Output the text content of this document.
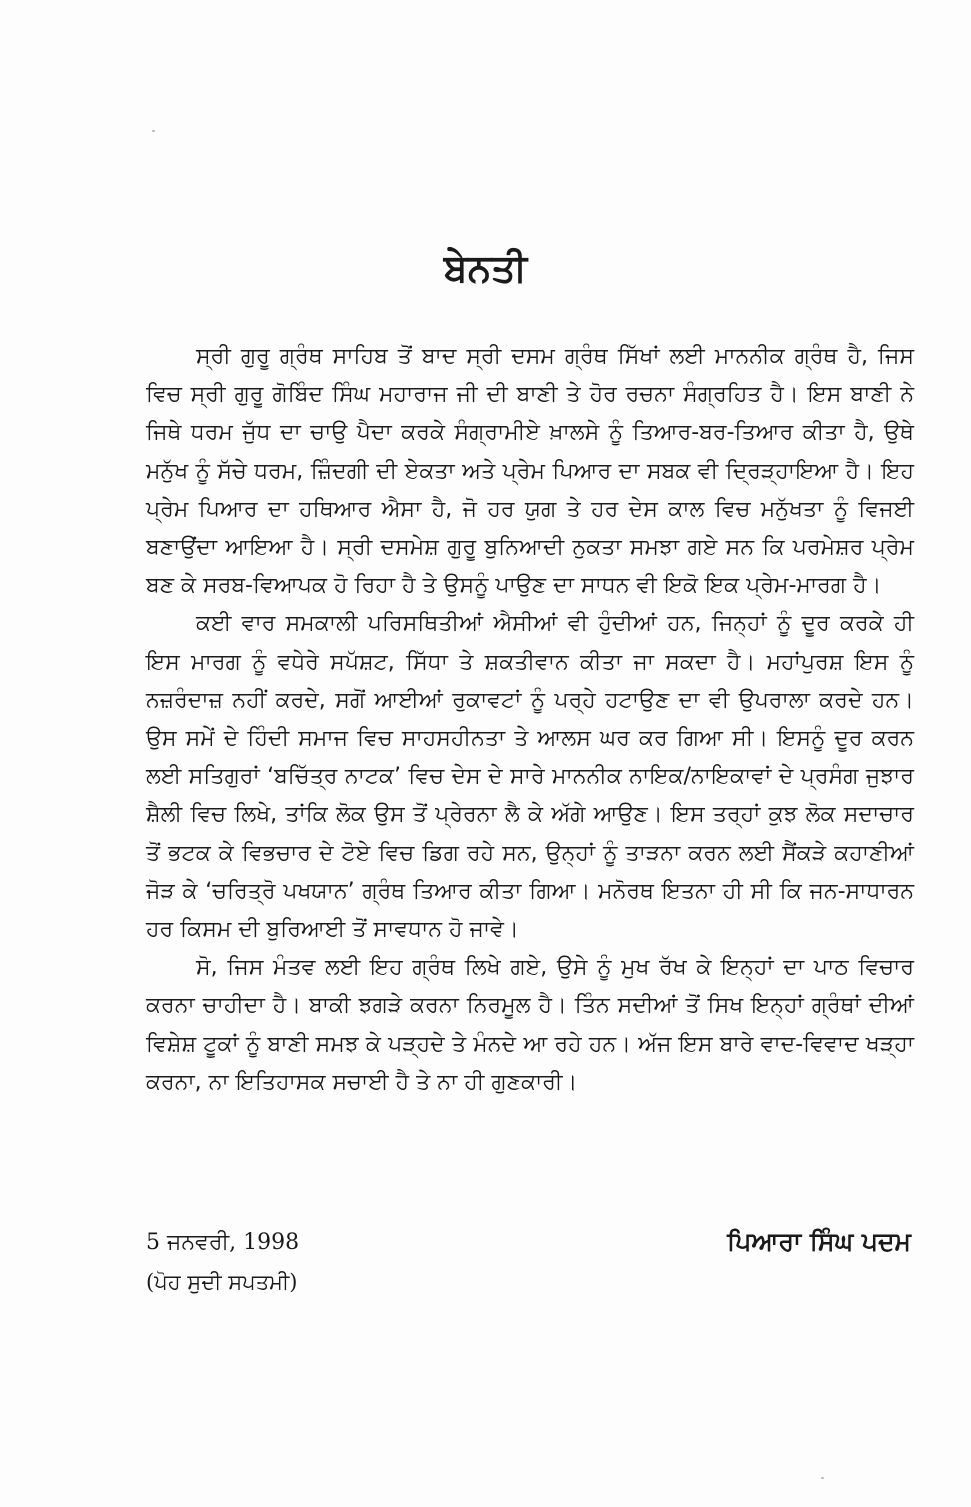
ਬੇਨਤੀ

ਸ੍ਰੀ ਗੁਰੂ ਗ੍ਰੰਥ ਸਾਹਿਬ ਤੋਂ ਬਾਦ ਸ੍ਰੀ ਦਸਮ ਗ੍ਰੰਥ ਸਿੱਖਾਂ ਲਈ ਮਾਨਨੀਕ ਗ੍ਰੰਥ ਹੈ, ਜਿਸ ਵਿਚ ਸ੍ਰੀ ਗੁਰੂ ਗੋਬਿੰਦ ਸਿੰਘ ਮਹਾਰਾਜ ਜੀ ਦੀ ਬਾਣੀ ਤੇ ਹੋਰ ਰਚਨਾ ਸੰਗ੍ਰਹਿਤ ਹੈ। ਇਸ ਬਾਣੀ ਨੇ ਜਿਥੇ ਧਰਮ ਜੁੱਧ ਦਾ ਚਾਉ ਪੈਦਾ ਕਰਕੇ ਸੰਗ੍ਰਾਮੀਏ ਖ਼ਾਲਸੇ ਨੂੰ ਤਿਆਰ-ਬਰ-ਤਿਆਰ ਕੀਤਾ ਹੈ, ਉਥੇ ਮਨੁੱਖ ਨੂੰ ਸੱਚੇ ਧਰਮ, ਜ਼ਿੰਦਗੀ ਦੀ ਏਕਤਾ ਅਤੇ ਪ੍ਰੇਮ ਪਿਆਰ ਦਾ ਸਬਕ ਵੀ ਦ੍ਰਿੜ੍ਹਾਇਆ ਹੈ। ਇਹ ਪ੍ਰੇਮ ਪਿਆਰ ਦਾ ਹਥਿਆਰ ਐਸਾ ਹੈ, ਜੋ ਹਰ ਯੁਗ ਤੇ ਹਰ ਦੇਸ ਕਾਲ ਵਿਚ ਮਨੁੱਖਤਾ ਨੂੰ ਵਿਜਈ ਬਣਾਉਂਦਾ ਆਇਆ ਹੈ। ਸ੍ਰੀ ਦਸਮੇਸ਼ ਗੁਰੂ ਬੁਨਿਆਦੀ ਨੁਕਤਾ ਸਮਝਾ ਗਏ ਸਨ ਕਿ ਪਰਮੇਸ਼ਰ ਪ੍ਰੇਮ ਬਣ ਕੇ ਸਰਬ-ਵਿਆਪਕ ਹੋ ਰਿਹਾ ਹੈ ਤੇ ਉਸਨੂੰ ਪਾਉਣ ਦਾ ਸਾਧਨ ਵੀ ਇਕੋ ਇਕ ਪ੍ਰੇਮ-ਮਾਰਗ ਹੈ।

ਕਈ ਵਾਰ ਸਮਕਾਲੀ ਪਰਿਸਥਿਤੀਆਂ ਐਸੀਆਂ ਵੀ ਹੁੰਦੀਆਂ ਹਨ, ਜਿਨ੍ਹਾਂ ਨੂੰ ਦੂਰ ਕਰਕੇ ਹੀ ਇਸ ਮਾਰਗ ਨੂੰ ਵਧੇਰੇ ਸਪੱਸ਼ਟ, ਸਿੱਧਾ ਤੇ ਸ਼ਕਤੀਵਾਨ ਕੀਤਾ ਜਾ ਸਕਦਾ ਹੈ। ਮਹਾਂਪੁਰਸ਼ ਇਸ ਨੂੰ ਨਜ਼ਰੰਦਾਜ਼ ਨਹੀਂ ਕਰਦੇ, ਸਗੋਂ ਆਈਆਂ ਰੁਕਾਵਟਾਂ ਨੂੰ ਪਰ੍ਹੇ ਹਟਾਉਣ ਦਾ ਵੀ ਉਪਰਾਲਾ ਕਰਦੇ ਹਨ। ਉਸ ਸਮੇਂ ਦੇ ਹਿੰਦੀ ਸਮਾਜ ਵਿਚ ਸਾਹਸਹੀਨਤਾ ਤੇ ਆਲਸ ਘਰ ਕਰ ਗਿਆ ਸੀ। ਇਸਨੂੰ ਦੂਰ ਕਰਨ ਲਈ ਸਤਿਗੁਰਾਂ ‘ਬਚਿੱਤ੍ਰ ਨਾਟਕ’ ਵਿਚ ਦੇਸ ਦੇ ਸਾਰੇ ਮਾਨਨੀਕ ਨਾਇਕ/ਨਾਇਕਾਵਾਂ ਦੇ ਪ੍ਰਸੰਗ ਜੁਝਾਰ ਸ਼ੈਲੀ ਵਿਚ ਲਿਖੇ, ਤਾਂਕਿ ਲੋਕ ਉਸ ਤੋਂ ਪ੍ਰੇਰਨਾ ਲੈ ਕੇ ਅੱਗੇ ਆਉਣ। ਇਸ ਤਰ੍ਹਾਂ ਕੁਝ ਲੋਕ ਸਦਾਚਾਰ ਤੋਂ ਭਟਕ ਕੇ ਵਿਭਚਾਰ ਦੇ ਟੋਏ ਵਿਚ ਡਿਗ ਰਹੇ ਸਨ, ਉਨ੍ਹਾਂ ਨੂੰ ਤਾੜਨਾ ਕਰਨ ਲਈ ਸੈਂਕੜੇ ਕਹਾਣੀਆਂ ਜੋੜ ਕੇ ‘ਚਰਿਤ੍ਰੋ ਪਖਯਾਨ’ ਗ੍ਰੰਥ ਤਿਆਰ ਕੀਤਾ ਗਿਆ। ਮਨੋਰਥ ਇਤਨਾ ਹੀ ਸੀ ਕਿ ਜਨ-ਸਾਧਾਰਨ ਹਰ ਕਿਸਮ ਦੀ ਬੁਰਿਆਈ ਤੋਂ ਸਾਵਧਾਨ ਹੋ ਜਾਵੇ।

ਸੋ, ਜਿਸ ਮੰਤਵ ਲਈ ਇਹ ਗ੍ਰੰਥ ਲਿਖੇ ਗਏ, ਉਸੇ ਨੂੰ ਮੁਖ ਰੱਖ ਕੇ ਇਨ੍ਹਾਂ ਦਾ ਪਾਠ ਵਿਚਾਰ ਕਰਨਾ ਚਾਹੀਦਾ ਹੈ। ਬਾਕੀ ਝਗੜੇ ਕਰਨਾ ਨਿਰਮੂਲ ਹੈ। ਤਿੰਨ ਸਦੀਆਂ ਤੋਂ ਸਿਖ ਇਨ੍ਹਾਂ ਗ੍ਰੰਥਾਂ ਦੀਆਂ ਵਿਸ਼ੇਸ਼ ਟੂਕਾਂ ਨੂੰ ਬਾਣੀ ਸਮਝ ਕੇ ਪੜ੍ਹਦੇ ਤੇ ਮੰਨਦੇ ਆ ਰਹੇ ਹਨ। ਅੱਜ ਇਸ ਬਾਰੇ ਵਾਦ-ਵਿਵਾਦ ਖੜ੍ਹਾ ਕਰਨਾ, ਨਾ ਇਤਿਹਾਸਕ ਸਚਾਈ ਹੈ ਤੇ ਨਾ ਹੀ ਗੁਣਕਾਰੀ।

5 ਜਨਵਰੀ, 1998

(ਪੋਹ ਸੁਦੀ ਸਪਤਮੀ)

ਪਿਆਰਾ ਸਿੰਘ ਪਦਮ
